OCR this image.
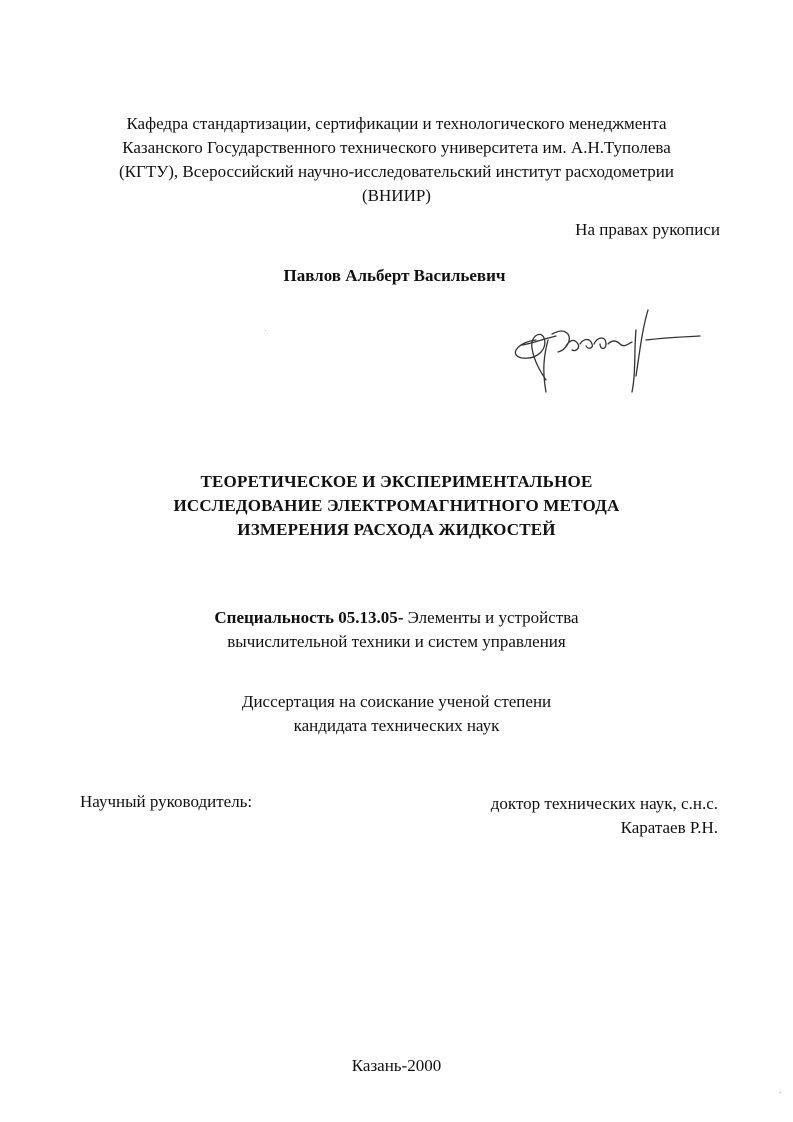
Кафедра стандартизации, сертификации и технологического менеджмента
Казанского Государственного технического университета им. А.Н.Туполева
(КГТУ), Всероссийский научно-исследовательский институт расходометрии
(ВНИИР)
На правах рукописи
Павлов Альберт Васильевич
ТЕОРЕТИЧЕСКОЕ И ЭКСПЕРИМЕНТАЛЬНОЕ
ИССЛЕДОВАНИЕ ЭЛЕКТРОМАГНИТНОГО МЕТОДА
ИЗМЕРЕНИЯ РАСХОДА ЖИДКОСТЕЙ
Специальность 05.13.05- Элементы и устройства
вычислительной техники и систем управления
Диссертация на соискание ученой степени
кандидата технических наук
Научный руководитель:	доктор технических наук, с.н.с.
Каратаев Р.Н.
Казань-2000
